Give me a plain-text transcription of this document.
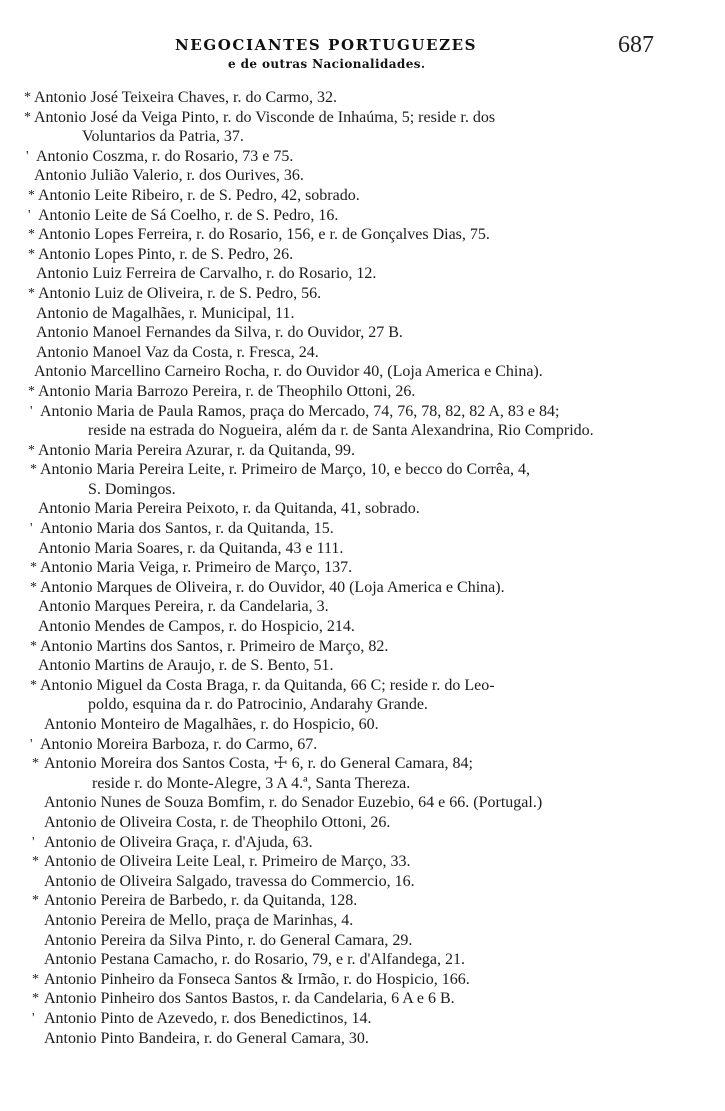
NEGOCIANTES PORTUGUEZES	687
e de outras Nacionalidades.
* Antonio José Teixeira Chaves, r. do Carmo, 32.
* Antonio José da Veiga Pinto, r. do Visconde de Inhaúma, 5; reside r. dos
Voluntarios da Patria, 37.
' Antonio Coszma, r. do Rosario, 73 e 75.
Antonio Julião Valerio, r. dos Ourives, 36.
* Antonio Leite Ribeiro, r. de S. Pedro, 42, sobrado.
' Antonio Leite de Sá Coelho, r. de S. Pedro, 16.
* Antonio Lopes Ferreira, r. do Rosario, 156, e r. de Gonçalves Dias, 75.
* Antonio Lopes Pinto, r. de S. Pedro, 26.
Antonio Luiz Ferreira de Carvalho, r. do Rosario, 12.
* Antonio Luiz de Oliveira, r. de S. Pedro, 56.
Antonio de Magalhães, r. Municipal, 11.
Antonio Manoel Fernandes da Silva, r. do Ouvidor, 27 B.
Antonio Manoel Vaz da Costa, r. Fresca, 24.
Antonio Marcellino Carneiro Rocha, r. do Ouvidor 40, (Loja America e China).
* Antonio Maria Barrozo Pereira, r. de Theophilo Ottoni, 26.
' Antonio Maria de Paula Ramos, praça do Mercado, 74, 76, 78, 82, 82 A, 83 e 84;
reside na estrada do Nogueira, além da r. de Santa Alexandrina, Rio Comprido.
* Antonio Maria Pereira Azurar, r. da Quitanda, 99.
* Antonio Maria Pereira Leite, r. Primeiro de Março, 10, e becco do Corrêa, 4,
S. Domingos.
Antonio Maria Pereira Peixoto, r. da Quitanda, 41, sobrado.
' Antonio Maria dos Santos, r. da Quitanda, 15.
Antonio Maria Soares, r. da Quitanda, 43 e 111.
* Antonio Maria Veiga, r. Primeiro de Março, 137.
* Antonio Marques de Oliveira, r. do Ouvidor, 40 (Loja America e China).
Antonio Marques Pereira, r. da Candelaria, 3.
Antonio Mendes de Campos, r. do Hospicio, 214.
* Antonio Martins dos Santos, r. Primeiro de Março, 82.
Antonio Martins de Araujo, r. de S. Bento, 51.
* Antonio Miguel da Costa Braga, r. da Quitanda, 66 C; reside r. do Leo-
poldo, esquina da r. do Patrocinio, Andarahy Grande.
Antonio Monteiro de Magalhães, r. do Hospicio, 60.
' Antonio Moreira Barboza, r. do Carmo, 67.
* Antonio Moreira dos Santos Costa, ☩ 6, r. do General Camara, 84;
reside r. do Monte-Alegre, 3 A 4.ª, Santa Thereza.
Antonio Nunes de Souza Bomfim, r. do Senador Euzebio, 64 e 66. (Portugal.)
Antonio de Oliveira Costa, r. de Theophilo Ottoni, 26.
' Antonio de Oliveira Graça, r. d'Ajuda, 63.
* Antonio de Oliveira Leite Leal, r. Primeiro de Março, 33.
Antonio de Oliveira Salgado, travessa do Commercio, 16.
* Antonio Pereira de Barbedo, r. da Quitanda, 128.
Antonio Pereira de Mello, praça de Marinhas, 4.
Antonio Pereira da Silva Pinto, r. do General Camara, 29.
Antonio Pestana Camacho, r. do Rosario, 79, e r. d'Alfandega, 21.
* Antonio Pinheiro da Fonseca Santos & Irmão, r. do Hospicio, 166.
* Antonio Pinheiro dos Santos Bastos, r. da Candelaria, 6 A e 6 B.
' Antonio Pinto de Azevedo, r. dos Benedictinos, 14.
Antonio Pinto Bandeira, r. do General Camara, 30.
